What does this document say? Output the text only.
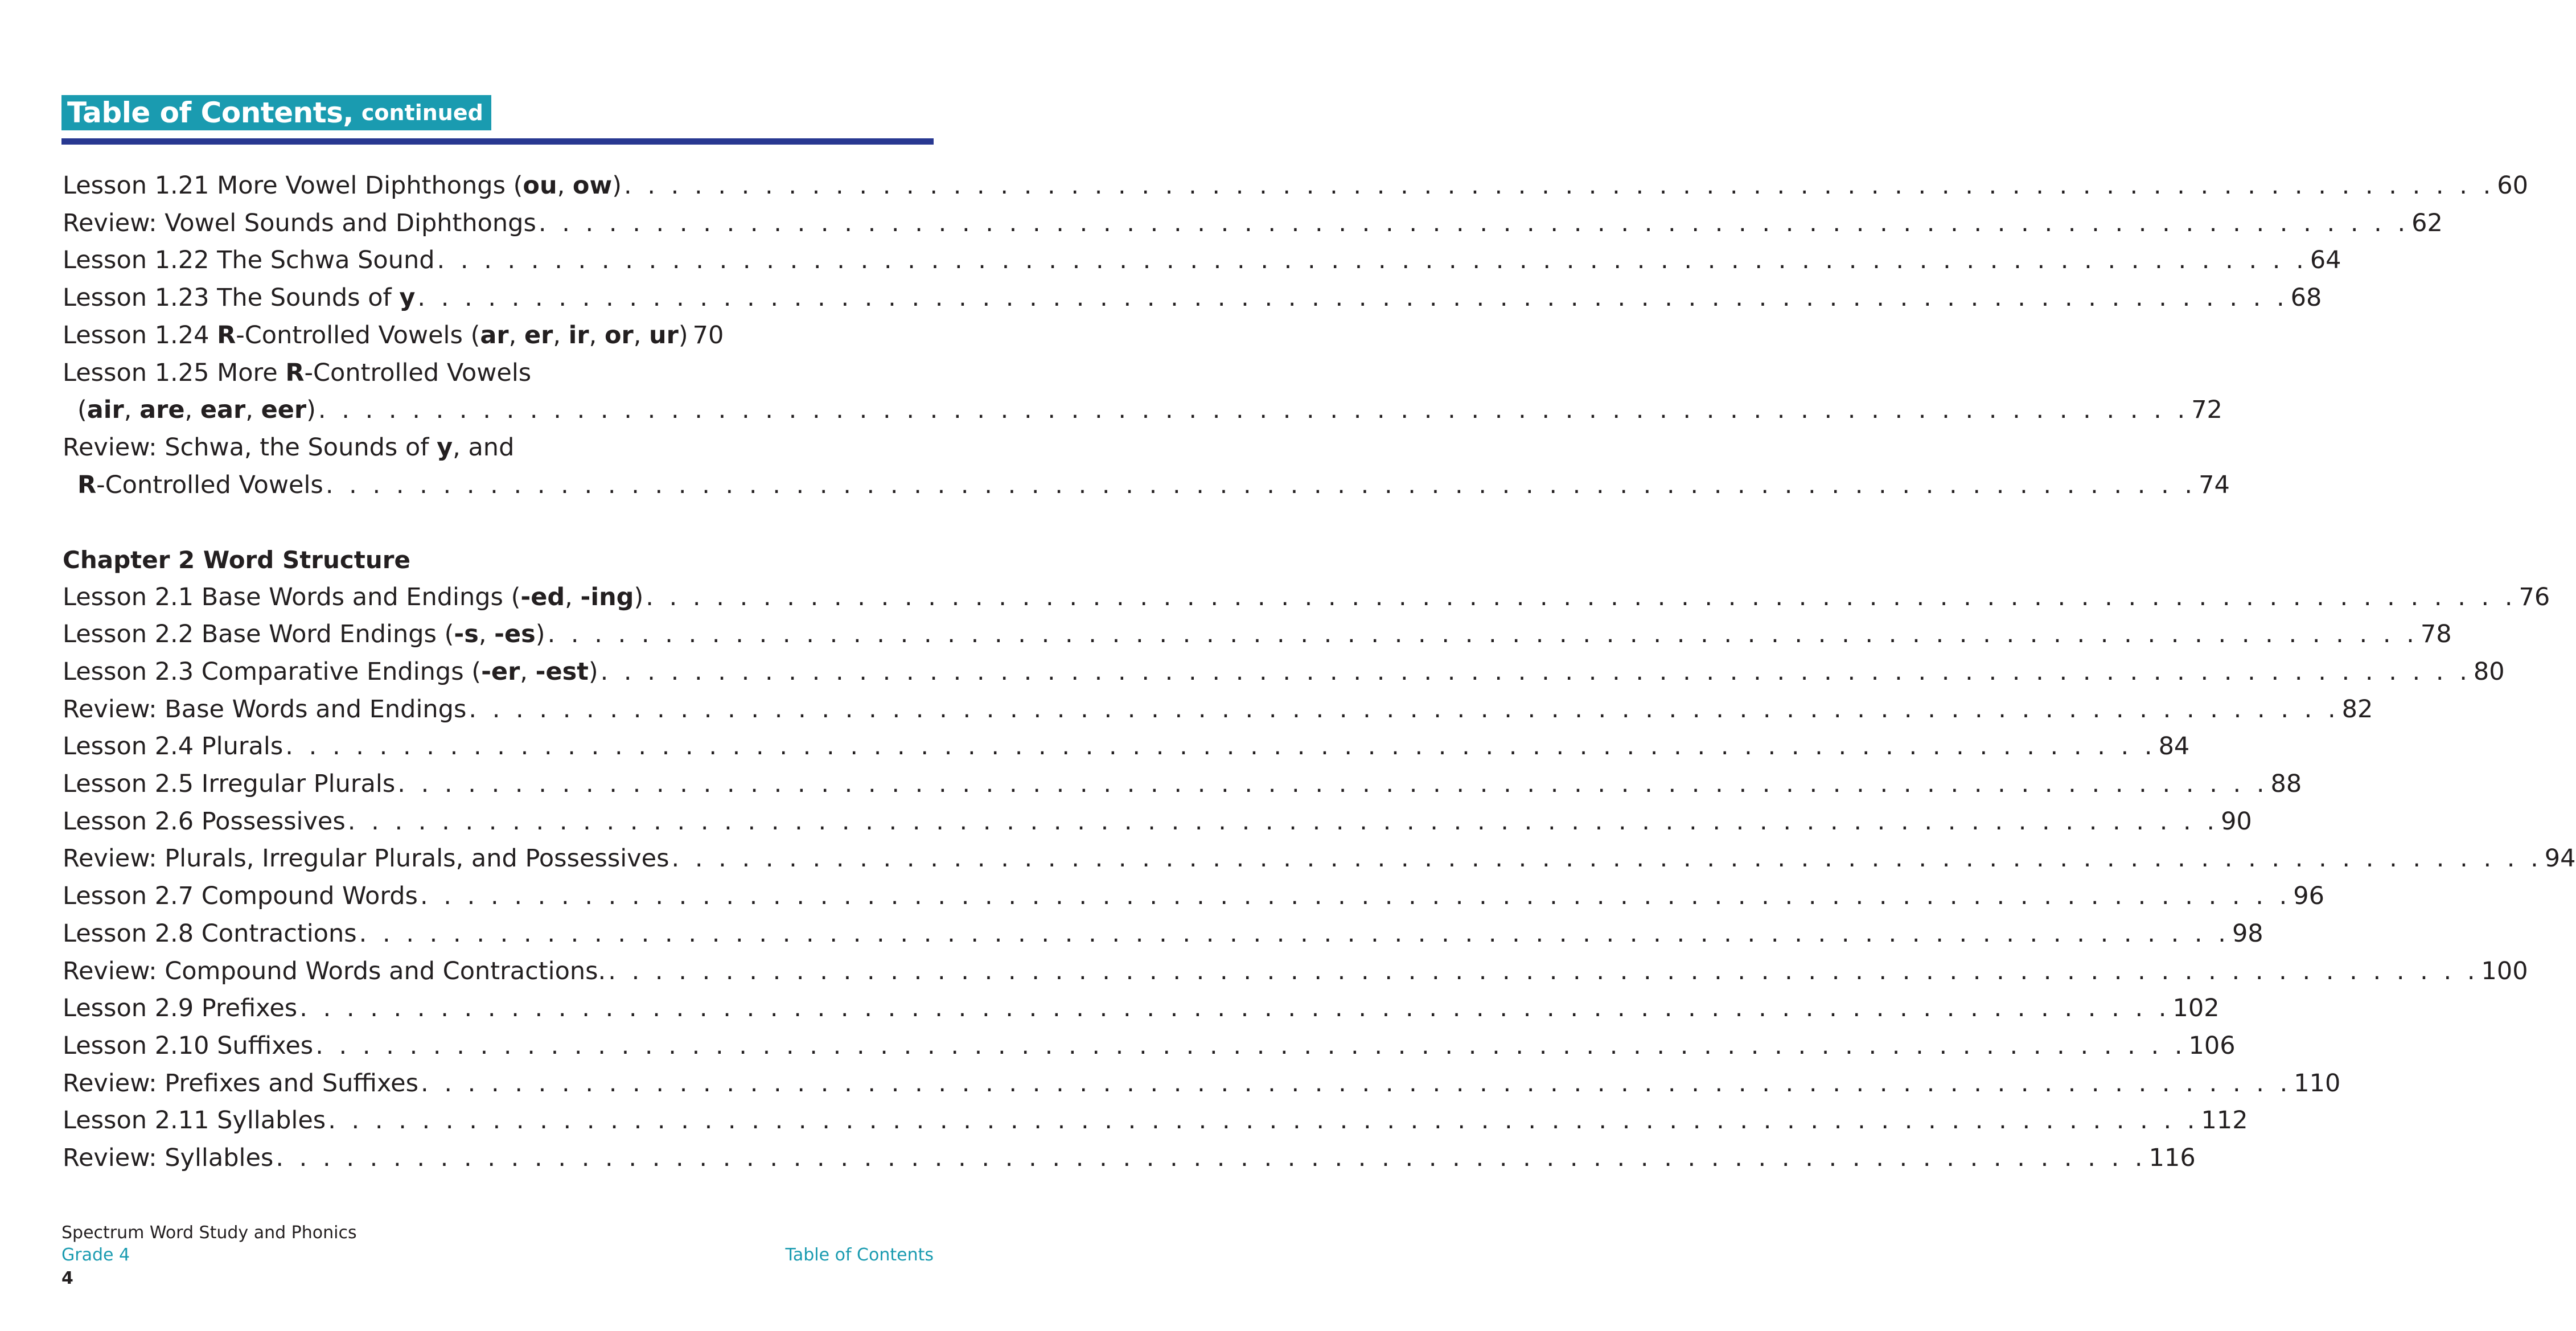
Table of Contents, continued
Lesson 1.21 More Vowel Diphthongs (ou, ow) . . . . . . . . . . . . . . . . . . . . . . . . . . . . . . . . . . . . . . . . . . . . . . . . . . . . . . . . . . . . . . . . . . . . . . . . . . . . . . . . 60
Review: Vowel Sounds and Diphthongs . . . . . . . . . . . . . . . . . . . . . . . . . . . . . . . . . . . . . . . . . . . . . . . . . . . . . . . . . . . . . . . . . . . . . . . . . . . . . . . . 62
Lesson 1.22 The Schwa Sound . . . . . . . . . . . . . . . . . . . . . . . . . . . . . . . . . . . . . . . . . . . . . . . . . . . . . . . . . . . . . . . . . . . . . . . . . . . . . . . . 64
Lesson 1.23 The Sounds of y . . . . . . . . . . . . . . . . . . . . . . . . . . . . . . . . . . . . . . . . . . . . . . . . . . . . . . . . . . . . . . . . . . . . . . . . . . . . . . . . 68
Lesson 1.24 R-Controlled Vowels (ar, er, ir, or, ur) 70
Lesson 1.25 More R-Controlled Vowels
(air, are, ear, eer) . . . . . . . . . . . . . . . . . . . . . . . . . . . . . . . . . . . . . . . . . . . . . . . . . . . . . . . . . . . . . . . . . . . . . . . . . . . . . . . . 72
Review: Schwa, the Sounds of y, and
R-Controlled Vowels . . . . . . . . . . . . . . . . . . . . . . . . . . . . . . . . . . . . . . . . . . . . . . . . . . . . . . . . . . . . . . . . . . . . . . . . . . . . . . . . 74
Chapter 2 Word Structure
Lesson 2.1 Base Words and Endings (-ed, -ing) . . . . . . . . . . . . . . . . . . . . . . . . . . . . . . . . . . . . . . . . . . . . . . . . . . . . . . . . . . . . . . . . . . . . . . . . . . . . . . . . 76
Lesson 2.2 Base Word Endings (-s, -es) . . . . . . . . . . . . . . . . . . . . . . . . . . . . . . . . . . . . . . . . . . . . . . . . . . . . . . . . . . . . . . . . . . . . . . . . . . . . . . . . 78
Lesson 2.3 Comparative Endings (-er, -est) . . . . . . . . . . . . . . . . . . . . . . . . . . . . . . . . . . . . . . . . . . . . . . . . . . . . . . . . . . . . . . . . . . . . . . . . . . . . . . . . 80
Review: Base Words and Endings . . . . . . . . . . . . . . . . . . . . . . . . . . . . . . . . . . . . . . . . . . . . . . . . . . . . . . . . . . . . . . . . . . . . . . . . . . . . . . . . 82
Lesson 2.4 Plurals . . . . . . . . . . . . . . . . . . . . . . . . . . . . . . . . . . . . . . . . . . . . . . . . . . . . . . . . . . . . . . . . . . . . . . . . . . . . . . . . 84
Lesson 2.5 Irregular Plurals . . . . . . . . . . . . . . . . . . . . . . . . . . . . . . . . . . . . . . . . . . . . . . . . . . . . . . . . . . . . . . . . . . . . . . . . . . . . . . . . 88
Lesson 2.6 Possessives . . . . . . . . . . . . . . . . . . . . . . . . . . . . . . . . . . . . . . . . . . . . . . . . . . . . . . . . . . . . . . . . . . . . . . . . . . . . . . . . 90
Review: Plurals, Irregular Plurals, and Possessives . . . . . . . . . . . . . . . . . . . . . . . . . . . . . . . . . . . . . . . . . . . . . . . . . . . . . . . . . . . . . . . . . . . . . . . . . . . . . . . . 94
Lesson 2.7 Compound Words . . . . . . . . . . . . . . . . . . . . . . . . . . . . . . . . . . . . . . . . . . . . . . . . . . . . . . . . . . . . . . . . . . . . . . . . . . . . . . . . 96
Lesson 2.8 Contractions . . . . . . . . . . . . . . . . . . . . . . . . . . . . . . . . . . . . . . . . . . . . . . . . . . . . . . . . . . . . . . . . . . . . . . . . . . . . . . . . 98
Review: Compound Words and Contractions. . . . . . . . . . . . . . . . . . . . . . . . . . . . . . . . . . . . . . . . . . . . . . . . . . . . . . . . . . . . . . . . . . . . . . . . . . . . . . . . . 100
Lesson 2.9 Prefixes . . . . . . . . . . . . . . . . . . . . . . . . . . . . . . . . . . . . . . . . . . . . . . . . . . . . . . . . . . . . . . . . . . . . . . . . . . . . . . . . 102
Lesson 2.10 Suffixes . . . . . . . . . . . . . . . . . . . . . . . . . . . . . . . . . . . . . . . . . . . . . . . . . . . . . . . . . . . . . . . . . . . . . . . . . . . . . . . . 106
Review: Prefixes and Suffixes . . . . . . . . . . . . . . . . . . . . . . . . . . . . . . . . . . . . . . . . . . . . . . . . . . . . . . . . . . . . . . . . . . . . . . . . . . . . . . . . 110
Lesson 2.11 Syllables . . . . . . . . . . . . . . . . . . . . . . . . . . . . . . . . . . . . . . . . . . . . . . . . . . . . . . . . . . . . . . . . . . . . . . . . . . . . . . . . 112
Review: Syllables . . . . . . . . . . . . . . . . . . . . . . . . . . . . . . . . . . . . . . . . . . . . . . . . . . . . . . . . . . . . . . . . . . . . . . . . . . . . . . . . 116
Spectrum Word Study and Phonics
Grade 4	Table of Contents
4
